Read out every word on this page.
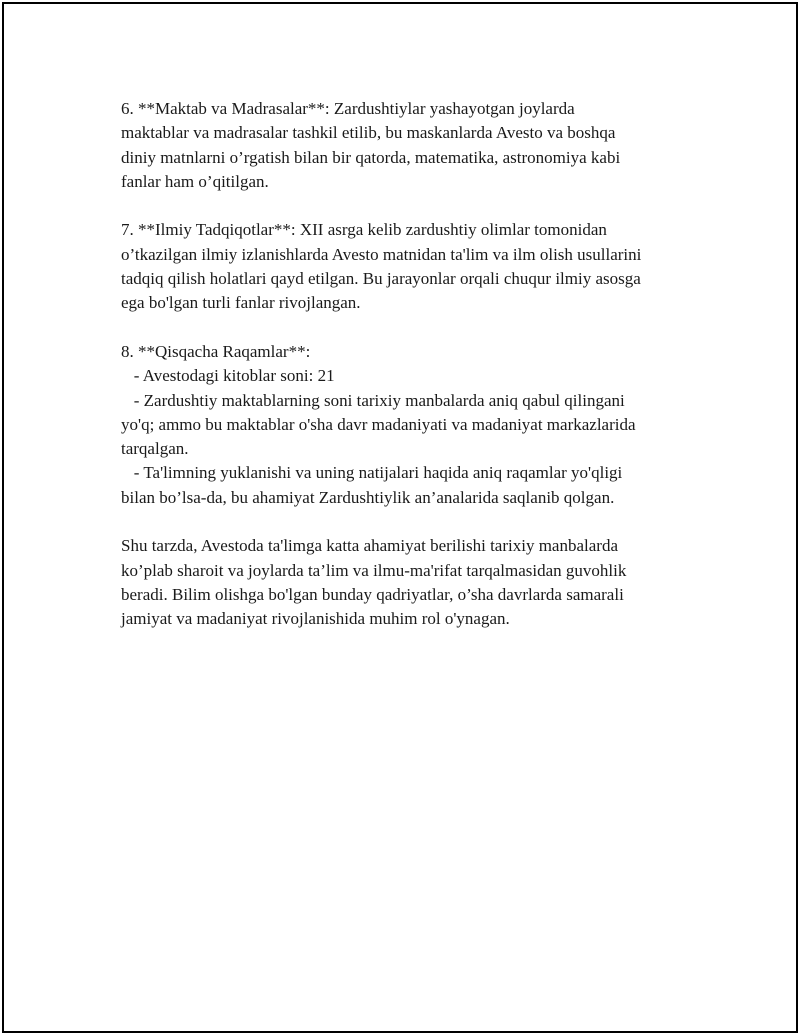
6. **Maktab va Madrasalar**: Zardushtiylar yashayotgan joylarda
maktablar va madrasalar tashkil etilib, bu maskanlarda Avesto va boshqa
diniy matnlarni o’rgatish bilan bir qatorda, matematika, astronomiya kabi
fanlar ham o’qitilgan.

7. **Ilmiy Tadqiqotlar**: XII asrga kelib zardushtiy olimlar tomonidan
o’tkazilgan ilmiy izlanishlarda Avesto matnidan ta'lim va ilm olish usullarini
tadqiq qilish holatlari qayd etilgan. Bu jarayonlar orqali chuqur ilmiy asosga
ega bo'lgan turli fanlar rivojlangan.

8. **Qisqacha Raqamlar**:
- Avestodagi kitoblar soni: 21
- Zardushtiy maktablarning soni tarixiy manbalarda aniq qabul qilingani
yo'q; ammo bu maktablar o'sha davr madaniyati va madaniyat markazlarida
tarqalgan.
- Ta'limning yuklanishi va uning natijalari haqida aniq raqamlar yo'qligi
bilan bo’lsa-da, bu ahamiyat Zardushtiylik an’analarida saqlanib qolgan.

Shu tarzda, Avestoda ta'limga katta ahamiyat berilishi tarixiy manbalarda
ko’plab sharoit va joylarda ta’lim va ilmu-ma'rifat tarqalmasidan guvohlik
beradi. Bilim olishga bo'lgan bunday qadriyatlar, o’sha davrlarda samarali
jamiyat va madaniyat rivojlanishida muhim rol o'ynagan.
